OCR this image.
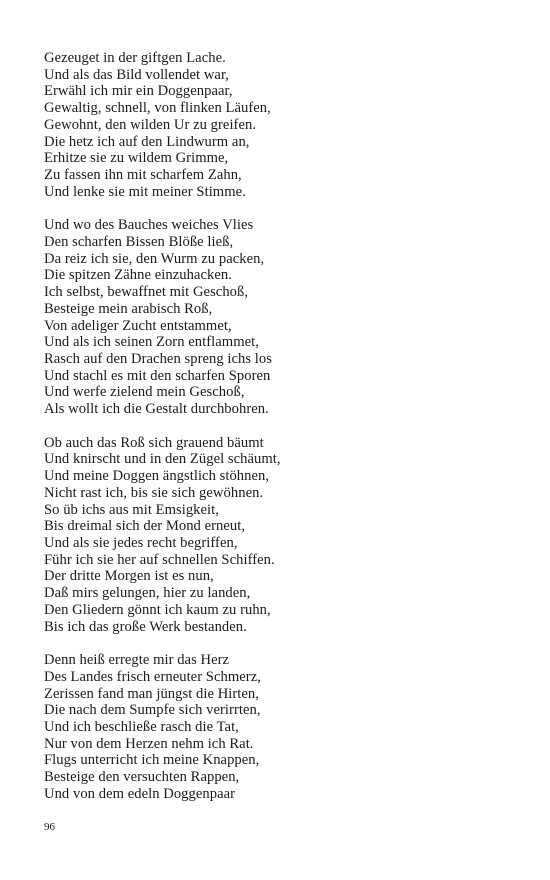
Gezeuget in der giftgen Lache.
Und als das Bild vollendet war,
Erwähl ich mir ein Doggenpaar,
Gewaltig, schnell, von flinken Läufen,
Gewohnt, den wilden Ur zu greifen.
Die hetz ich auf den Lindwurm an,
Erhitze sie zu wildem Grimme,
Zu fassen ihn mit scharfem Zahn,
Und lenke sie mit meiner Stimme.
Und wo des Bauches weiches Vlies
Den scharfen Bissen Blöße ließ,
Da reiz ich sie, den Wurm zu packen,
Die spitzen Zähne einzuhacken.
Ich selbst, bewaffnet mit Geschoß,
Besteige mein arabisch Roß,
Von adeliger Zucht entstammet,
Und als ich seinen Zorn entflammet,
Rasch auf den Drachen spreng ichs los
Und stachl es mit den scharfen Sporen
Und werfe zielend mein Geschoß,
Als wollt ich die Gestalt durchbohren.
Ob auch das Roß sich grauend bäumt
Und knirscht und in den Zügel schäumt,
Und meine Doggen ängstlich stöhnen,
Nicht rast ich, bis sie sich gewöhnen.
So üb ichs aus mit Emsigkeit,
Bis dreimal sich der Mond erneut,
Und als sie jedes recht begriffen,
Führ ich sie her auf schnellen Schiffen.
Der dritte Morgen ist es nun,
Daß mirs gelungen, hier zu landen,
Den Gliedern gönnt ich kaum zu ruhn,
Bis ich das große Werk bestanden.
Denn heiß erregte mir das Herz
Des Landes frisch erneuter Schmerz,
Zerissen fand man jüngst die Hirten,
Die nach dem Sumpfe sich verirrten,
Und ich beschließe rasch die Tat,
Nur von dem Herzen nehm ich Rat.
Flugs unterricht ich meine Knappen,
Besteige den versuchten Rappen,
Und von dem edeln Doggenpaar
96
